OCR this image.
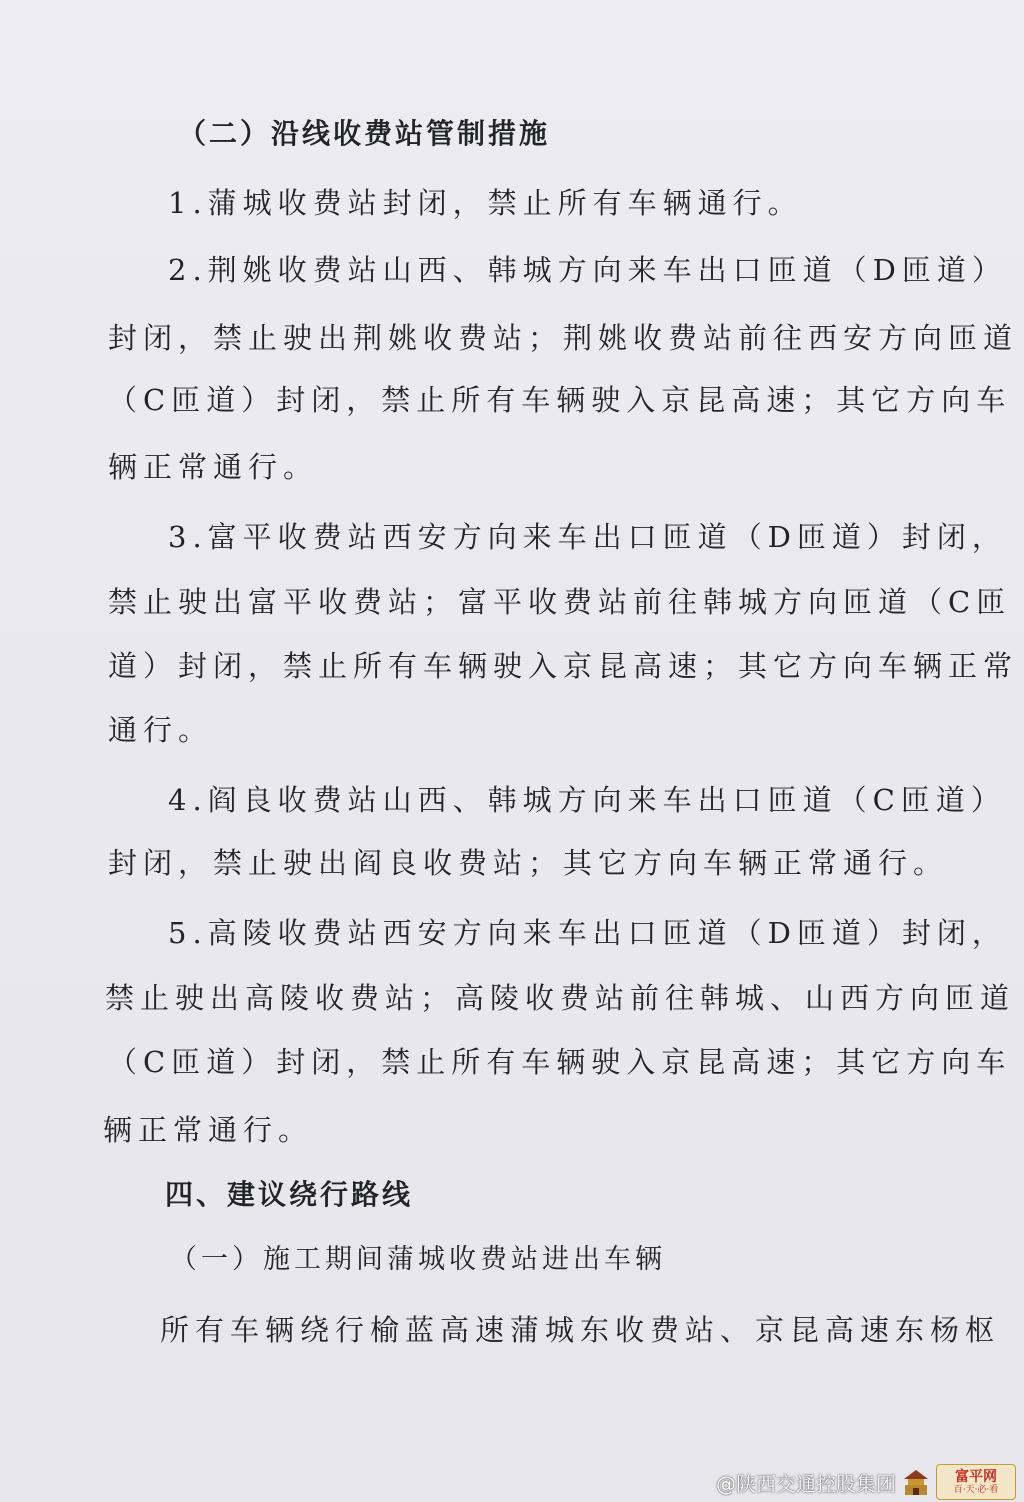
（二）沿线收费站管制措施
1.蒲城收费站封闭，禁止所有车辆通行。
2.荆姚收费站山西、韩城方向来车出口匝道（D匝道）
封闭，禁止驶出荆姚收费站；荆姚收费站前往西安方向匝道
（C匝道）封闭，禁止所有车辆驶入京昆高速；其它方向车
辆正常通行。
3.富平收费站西安方向来车出口匝道（D匝道）封闭，
禁止驶出富平收费站；富平收费站前往韩城方向匝道（C匝
道）封闭，禁止所有车辆驶入京昆高速；其它方向车辆正常
通行。
4.阎良收费站山西、韩城方向来车出口匝道（C匝道）
封闭，禁止驶出阎良收费站；其它方向车辆正常通行。
5.高陵收费站西安方向来车出口匝道（D匝道）封闭，
禁止驶出高陵收费站；高陵收费站前往韩城、山西方向匝道
（C匝道）封闭，禁止所有车辆驶入京昆高速；其它方向车
辆正常通行。
四、建议绕行路线
（一）施工期间蒲城收费站进出车辆
所有车辆绕行榆蓝高速蒲城东收费站、京昆高速东杨枢
@陕西交通控股集团	富平网
百·天·必·看
